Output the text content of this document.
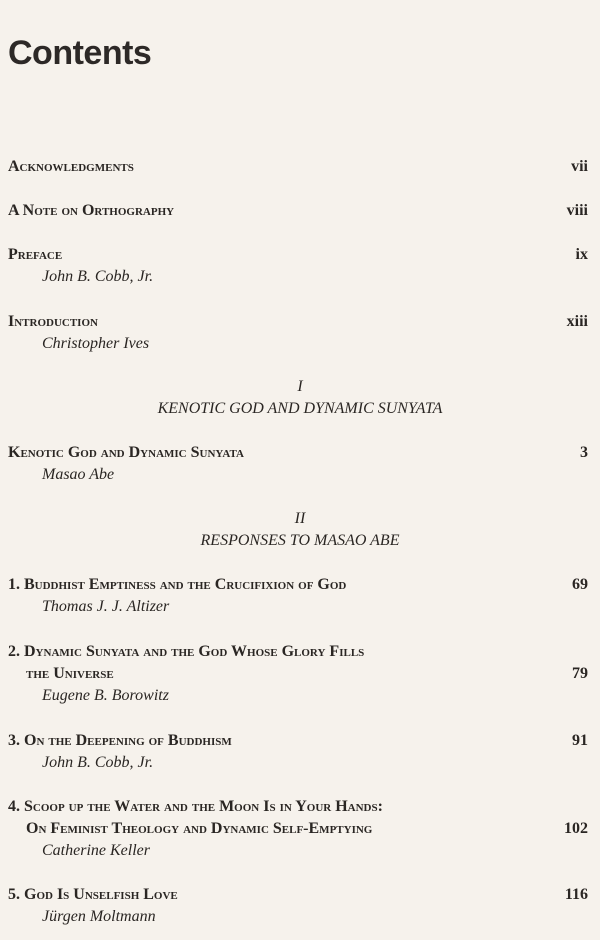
Contents
Acknowledgments	vii
A Note on Orthography	viii
Preface	ix
John B. Cobb, Jr.
Introduction	xiii
Christopher Ives
I
KENOTIC GOD AND DYNAMIC SUNYATA
Kenotic God and Dynamic Sunyata	3
Masao Abe
II
RESPONSES TO MASAO ABE
1. Buddhist Emptiness and the Crucifixion of God	69
Thomas J. J. Altizer
2. Dynamic Sunyata and the God Whose Glory Fills
the Universe	79
Eugene B. Borowitz
3. On the Deepening of Buddhism	91
John B. Cobb, Jr.
4. Scoop up the Water and the Moon Is in Your Hands:
On Feminist Theology and Dynamic Self-Emptying	102
Catherine Keller
5. God Is Unselfish Love	116
Jürgen Moltmann
